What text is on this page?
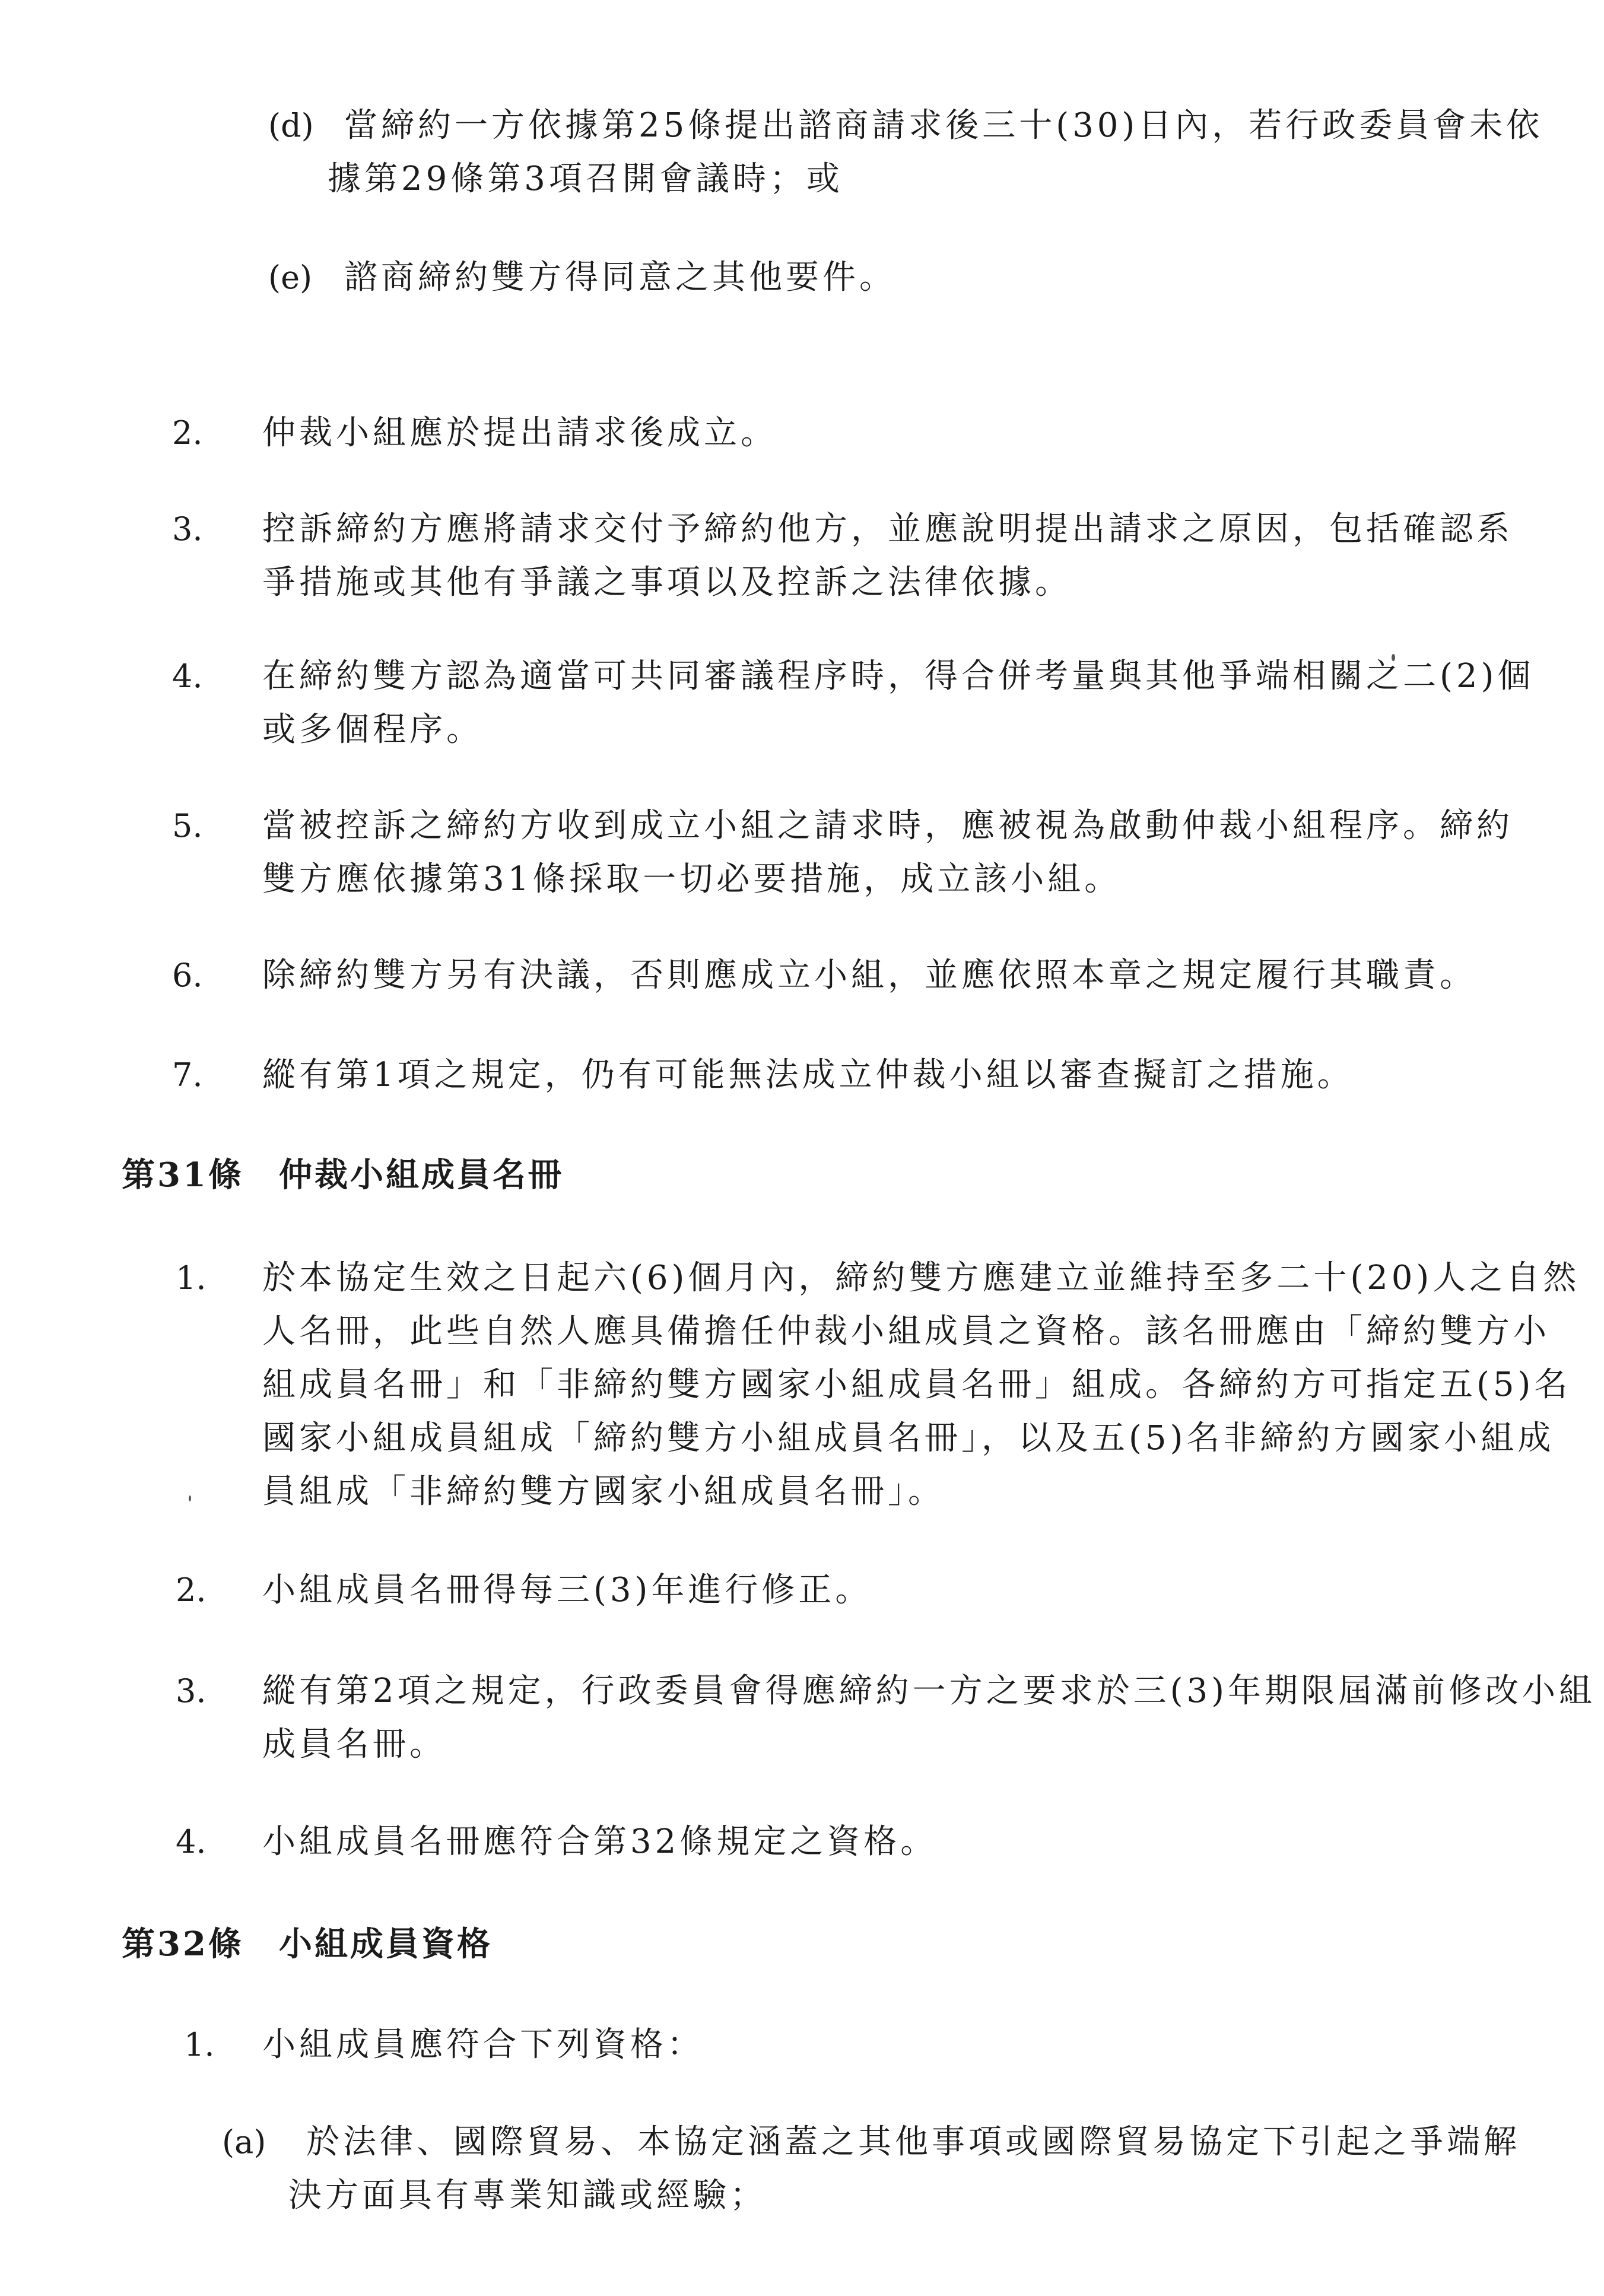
(d) 當締約一方依據第25條提出諮商請求後三十(30)日內，若行政委員會未依
據第29條第3項召開會議時；或
(e) 諮商締約雙方得同意之其他要件。
2. 仲裁小組應於提出請求後成立。
3. 控訴締約方應將請求交付予締約他方，並應說明提出請求之原因，包括確認系
爭措施或其他有爭議之事項以及控訴之法律依據。
4. 在締約雙方認為適當可共同審議程序時，得合併考量與其他爭端相關之二(2)個
或多個程序。
5. 當被控訴之締約方收到成立小組之請求時，應被視為啟動仲裁小組程序。締約
雙方應依據第31條採取一切必要措施，成立該小組。
6. 除締約雙方另有決議，否則應成立小組，並應依照本章之規定履行其職責。
7. 縱有第1項之規定，仍有可能無法成立仲裁小組以審查擬訂之措施。
第31條 仲裁小組成員名冊
1. 於本協定生效之日起六(6)個月內，締約雙方應建立並維持至多二十(20)人之自然
人名冊，此些自然人應具備擔任仲裁小組成員之資格。該名冊應由「締約雙方小
組成員名冊」和「非締約雙方國家小組成員名冊」組成。各締約方可指定五(5)名
國家小組成員組成「締約雙方小組成員名冊」，以及五(5)名非締約方國家小組成
員組成「非締約雙方國家小組成員名冊」。
2. 小組成員名冊得每三(3)年進行修正。
3. 縱有第2項之規定，行政委員會得應締約一方之要求於三(3)年期限屆滿前修改小組
成員名冊。
4. 小組成員名冊應符合第32條規定之資格。
第32條 小組成員資格
1. 小組成員應符合下列資格：
(a) 於法律、國際貿易、本協定涵蓋之其他事項或國際貿易協定下引起之爭端解
決方面具有專業知識或經驗；
